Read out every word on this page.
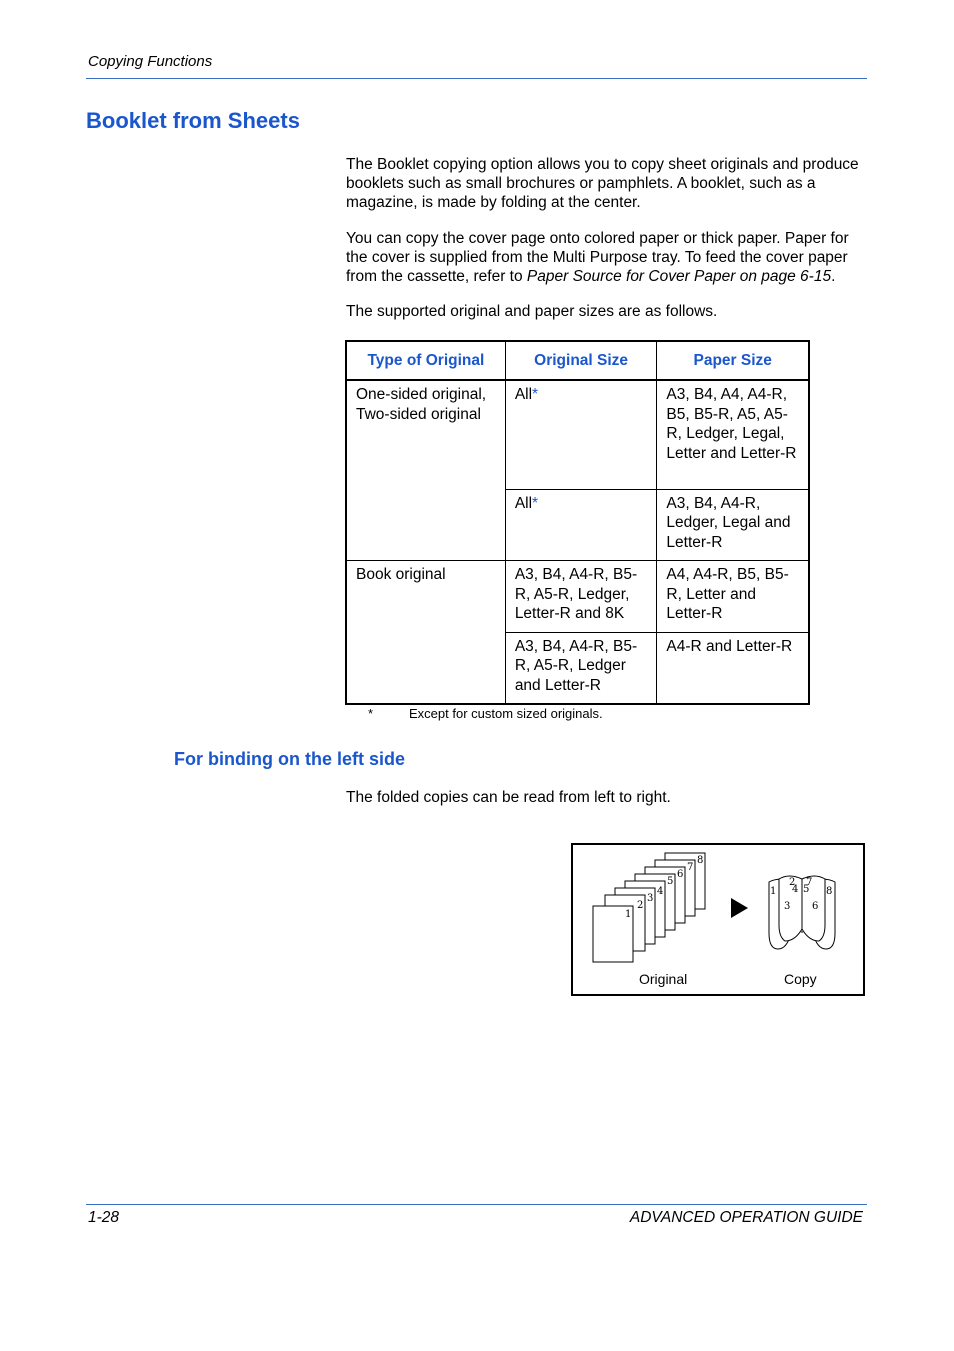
Copying Functions
Booklet from Sheets

The Booklet copying option allows you to copy sheet originals and produce booklets such as small brochures or pamphlets. A booklet, such as a magazine, is made by folding at the center.

You can copy the cover page onto colored paper or thick paper. Paper for the cover is supplied from the Multi Purpose tray. To feed the cover paper from the cassette, refer to Paper Source for Cover Paper on page 6-15.

The supported original and paper sizes are as follows.

Type of Original	Original Size	Paper Size
One-sided original, Two-sided original	All*	A3, B4, A4, A4-R, B5, B5-R, A5, A5-R, Ledger, Legal, Letter and Letter-R
	All*	A3, B4, A4-R, Ledger, Legal and Letter-R
Book original	A3, B4, A4-R, B5-R, A5-R, Ledger, Letter-R and 8K	A4, A4-R, B5, B5-R, Letter and Letter-R
	A3, B4, A4-R, B5-R, A5-R, Ledger and Letter-R	A4-R and Letter-R
*	Except for custom sized originals.
For binding on the left side

The folded copies can be read from left to right.

8
7
6
5
4
3
2
1
1
2
3
4 5
6
7
8
Original	Copy
1-28	ADVANCED OPERATION GUIDE
